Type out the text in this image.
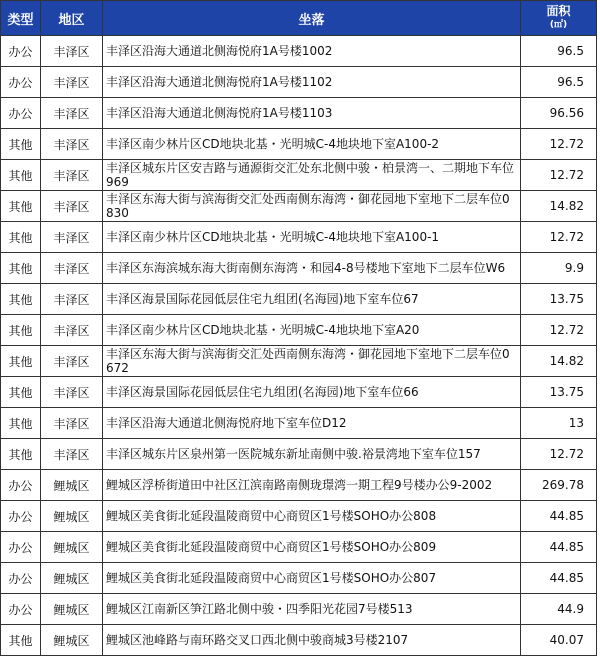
类型	地区	坐落	面积
(㎡)

办公	丰泽区	丰泽区沿海大通道北侧海悦府1A号楼1002	96.5
办公	丰泽区	丰泽区沿海大通道北侧海悦府1A号楼1102	96.5
办公	丰泽区	丰泽区沿海大通道北侧海悦府1A号楼1103	96.56
其他	丰泽区	丰泽区南少林片区CD地块北基・光明城C-4地块地下室A100-2	12.72
其他	丰泽区	丰泽区城东片区安吉路与通源街交汇处东北侧中骏・柏景湾一、二期地下车位969	12.72
其他	丰泽区	丰泽区东海大街与滨海街交汇处西南侧东海湾・御花园地下室地下二层车位0830	14.82
其他	丰泽区	丰泽区南少林片区CD地块北基・光明城C-4地块地下室A100-1	12.72
其他	丰泽区	丰泽区东海滨城东海大街南侧东海湾・和园4-8号楼地下室地下二层车位W6	9.9
其他	丰泽区	丰泽区海景国际花园低层住宅九组团(名海园)地下室车位67	13.75
其他	丰泽区	丰泽区南少林片区CD地块北基・光明城C-4地块地下室A20	12.72
其他	丰泽区	丰泽区东海大街与滨海街交汇处西南侧东海湾・御花园地下室地下二层车位0672	14.82
其他	丰泽区	丰泽区海景国际花园低层住宅九组团(名海园)地下室车位66	13.75
其他	丰泽区	丰泽区沿海大通道北侧海悦府地下室车位D12	13
其他	丰泽区	丰泽区城东片区泉州第一医院城东新址南侧中骏.裕景湾地下室车位157	12.72
办公	鲤城区	鲤城区浮桥街道田中社区江滨南路南侧珑璟湾一期工程9号楼办公9-2002	269.78
办公	鲤城区	鲤城区美食街北延段温陵商贸中心商贸区1号楼SOHO办公808	44.85
办公	鲤城区	鲤城区美食街北延段温陵商贸中心商贸区1号楼SOHO办公809	44.85
办公	鲤城区	鲤城区美食街北延段温陵商贸中心商贸区1号楼SOHO办公807	44.85
办公	鲤城区	鲤城区江南新区笋江路北侧中骏・四季阳光花园7号楼513	44.9
其他	鲤城区	鲤城区池峰路与南环路交叉口西北侧中骏商城3号楼2107	40.07
